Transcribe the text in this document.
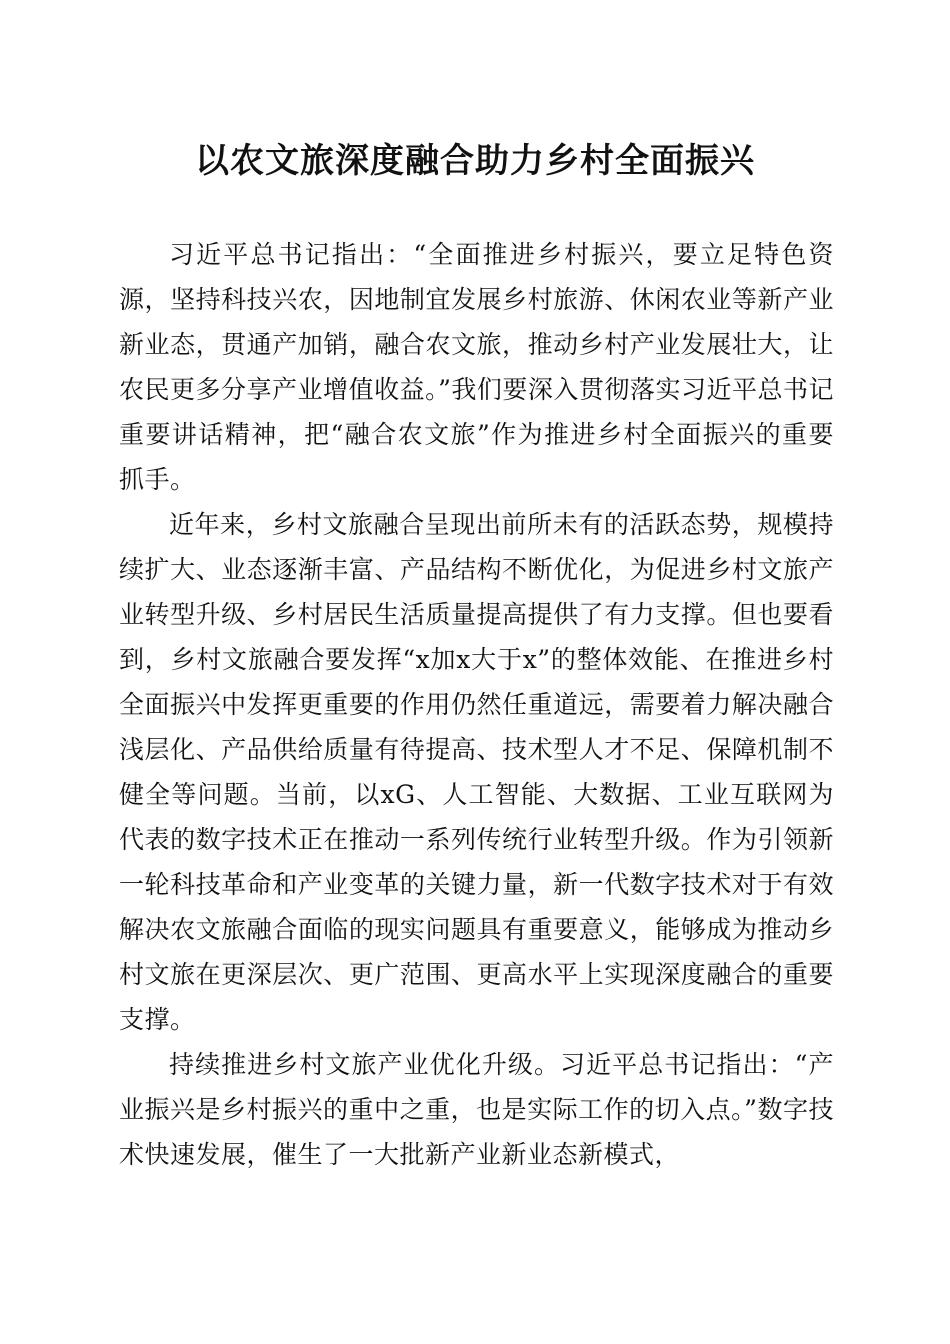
以农文旅深度融合助力乡村全面振兴

习近平总书记指出：“全面推进乡村振兴，要立足特色资源，坚持科技兴农，因地制宜发展乡村旅游、休闲农业等新产业新业态，贯通产加销，融合农文旅，推动乡村产业发展壮大，让农民更多分享产业增值收益。”我们要深入贯彻落实习近平总书记重要讲话精神，把“融合农文旅”作为推进乡村全面振兴的重要抓手。

近年来，乡村文旅融合呈现出前所未有的活跃态势，规模持续扩大、业态逐渐丰富、产品结构不断优化，为促进乡村文旅产业转型升级、乡村居民生活质量提高提供了有力支撑。但也要看到，乡村文旅融合要发挥“x加x大于x”的整体效能、在推进乡村全面振兴中发挥更重要的作用仍然任重道远，需要着力解决融合浅层化、产品供给质量有待提高、技术型人才不足、保障机制不健全等问题。当前，以xG、人工智能、大数据、工业互联网为代表的数字技术正在推动一系列传统行业转型升级。作为引领新一轮科技革命和产业变革的关键力量，新一代数字技术对于有效解决农文旅融合面临的现实问题具有重要意义，能够成为推动乡村文旅在更深层次、更广范围、更高水平上实现深度融合的重要支撑。

持续推进乡村文旅产业优化升级。习近平总书记指出：“产业振兴是乡村振兴的重中之重，也是实际工作的切入点。”数字技术快速发展，催生了一大批新产业新业态新模式，
